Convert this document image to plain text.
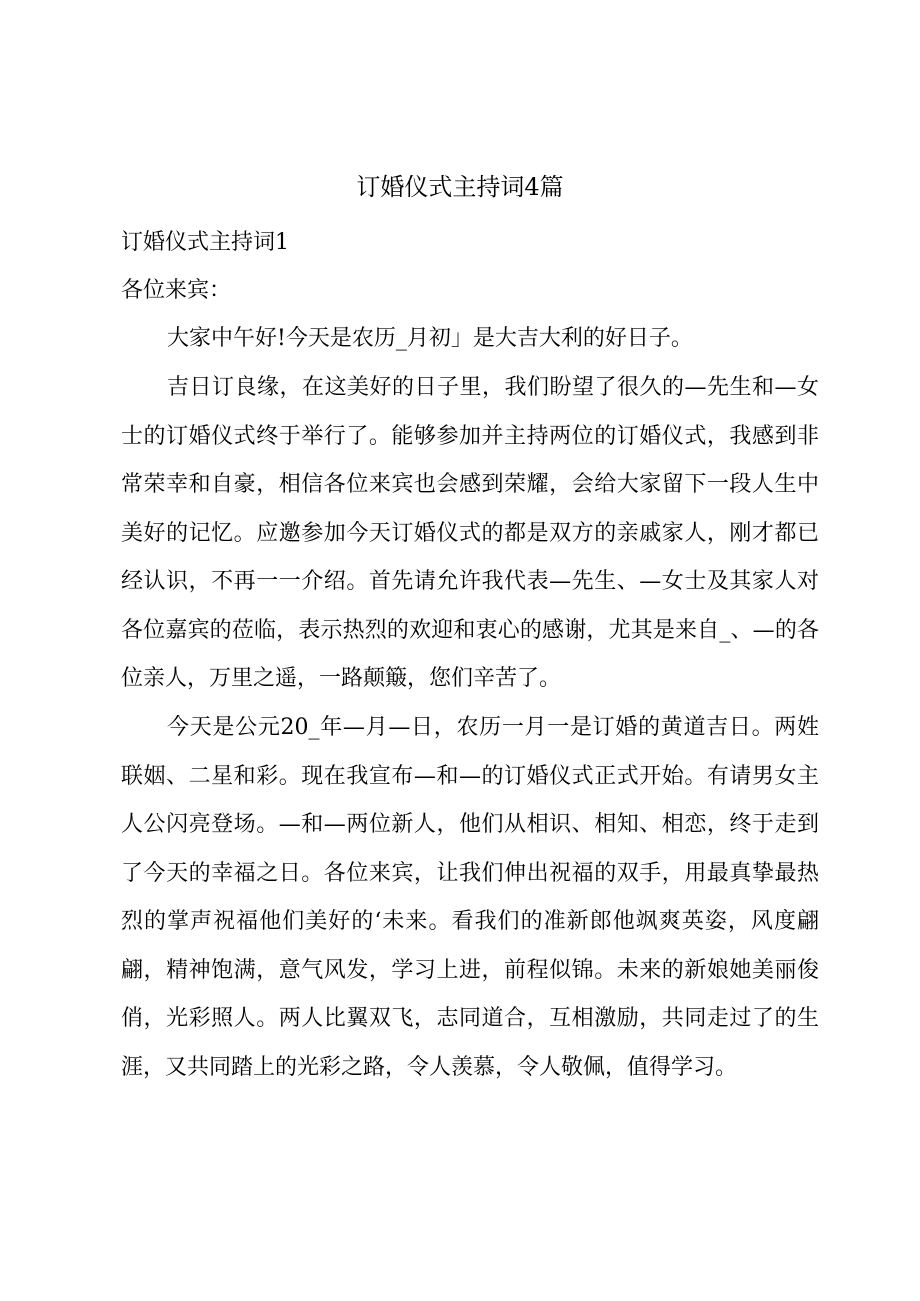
订婚仪式主持词4篇
订婚仪式主持词1
各位来宾：
大家中午好!今天是农历_月初」是大吉大利的好日子。
吉日订良缘，在这美好的日子里，我们盼望了很久的—先生和—女士的订婚仪式终于举行了。能够参加并主持两位的订婚仪式，我感到非常荣幸和自豪，相信各位来宾也会感到荣耀，会给大家留下一段人生中美好的记忆。应邀参加今天订婚仪式的都是双方的亲戚家人，刚才都已经认识，不再一一介绍。首先请允许我代表—先生、—女士及其家人对各位嘉宾的莅临，表示热烈的欢迎和衷心的感谢，尤其是来自_、—的各位亲人，万里之遥，一路颠簸，您们辛苦了。
今天是公元20_年—月—日，农历一月一是订婚的黄道吉日。两姓联姻、二星和彩。现在我宣布—和—的订婚仪式正式开始。有请男女主人公闪亮登场。—和—两位新人，他们从相识、相知、相恋，终于走到了今天的幸福之日。各位来宾，让我们伸出祝福的双手，用最真挚最热烈的掌声祝福他们美好的‘未来。看我们的准新郎他飒爽英姿，风度翩翩，精神饱满，意气风发，学习上进，前程似锦。未来的新娘她美丽俊俏，光彩照人。两人比翼双飞，志同道合，互相激励，共同走过了的生涯，又共同踏上的光彩之路，令人羡慕，令人敬佩，值得学习。
